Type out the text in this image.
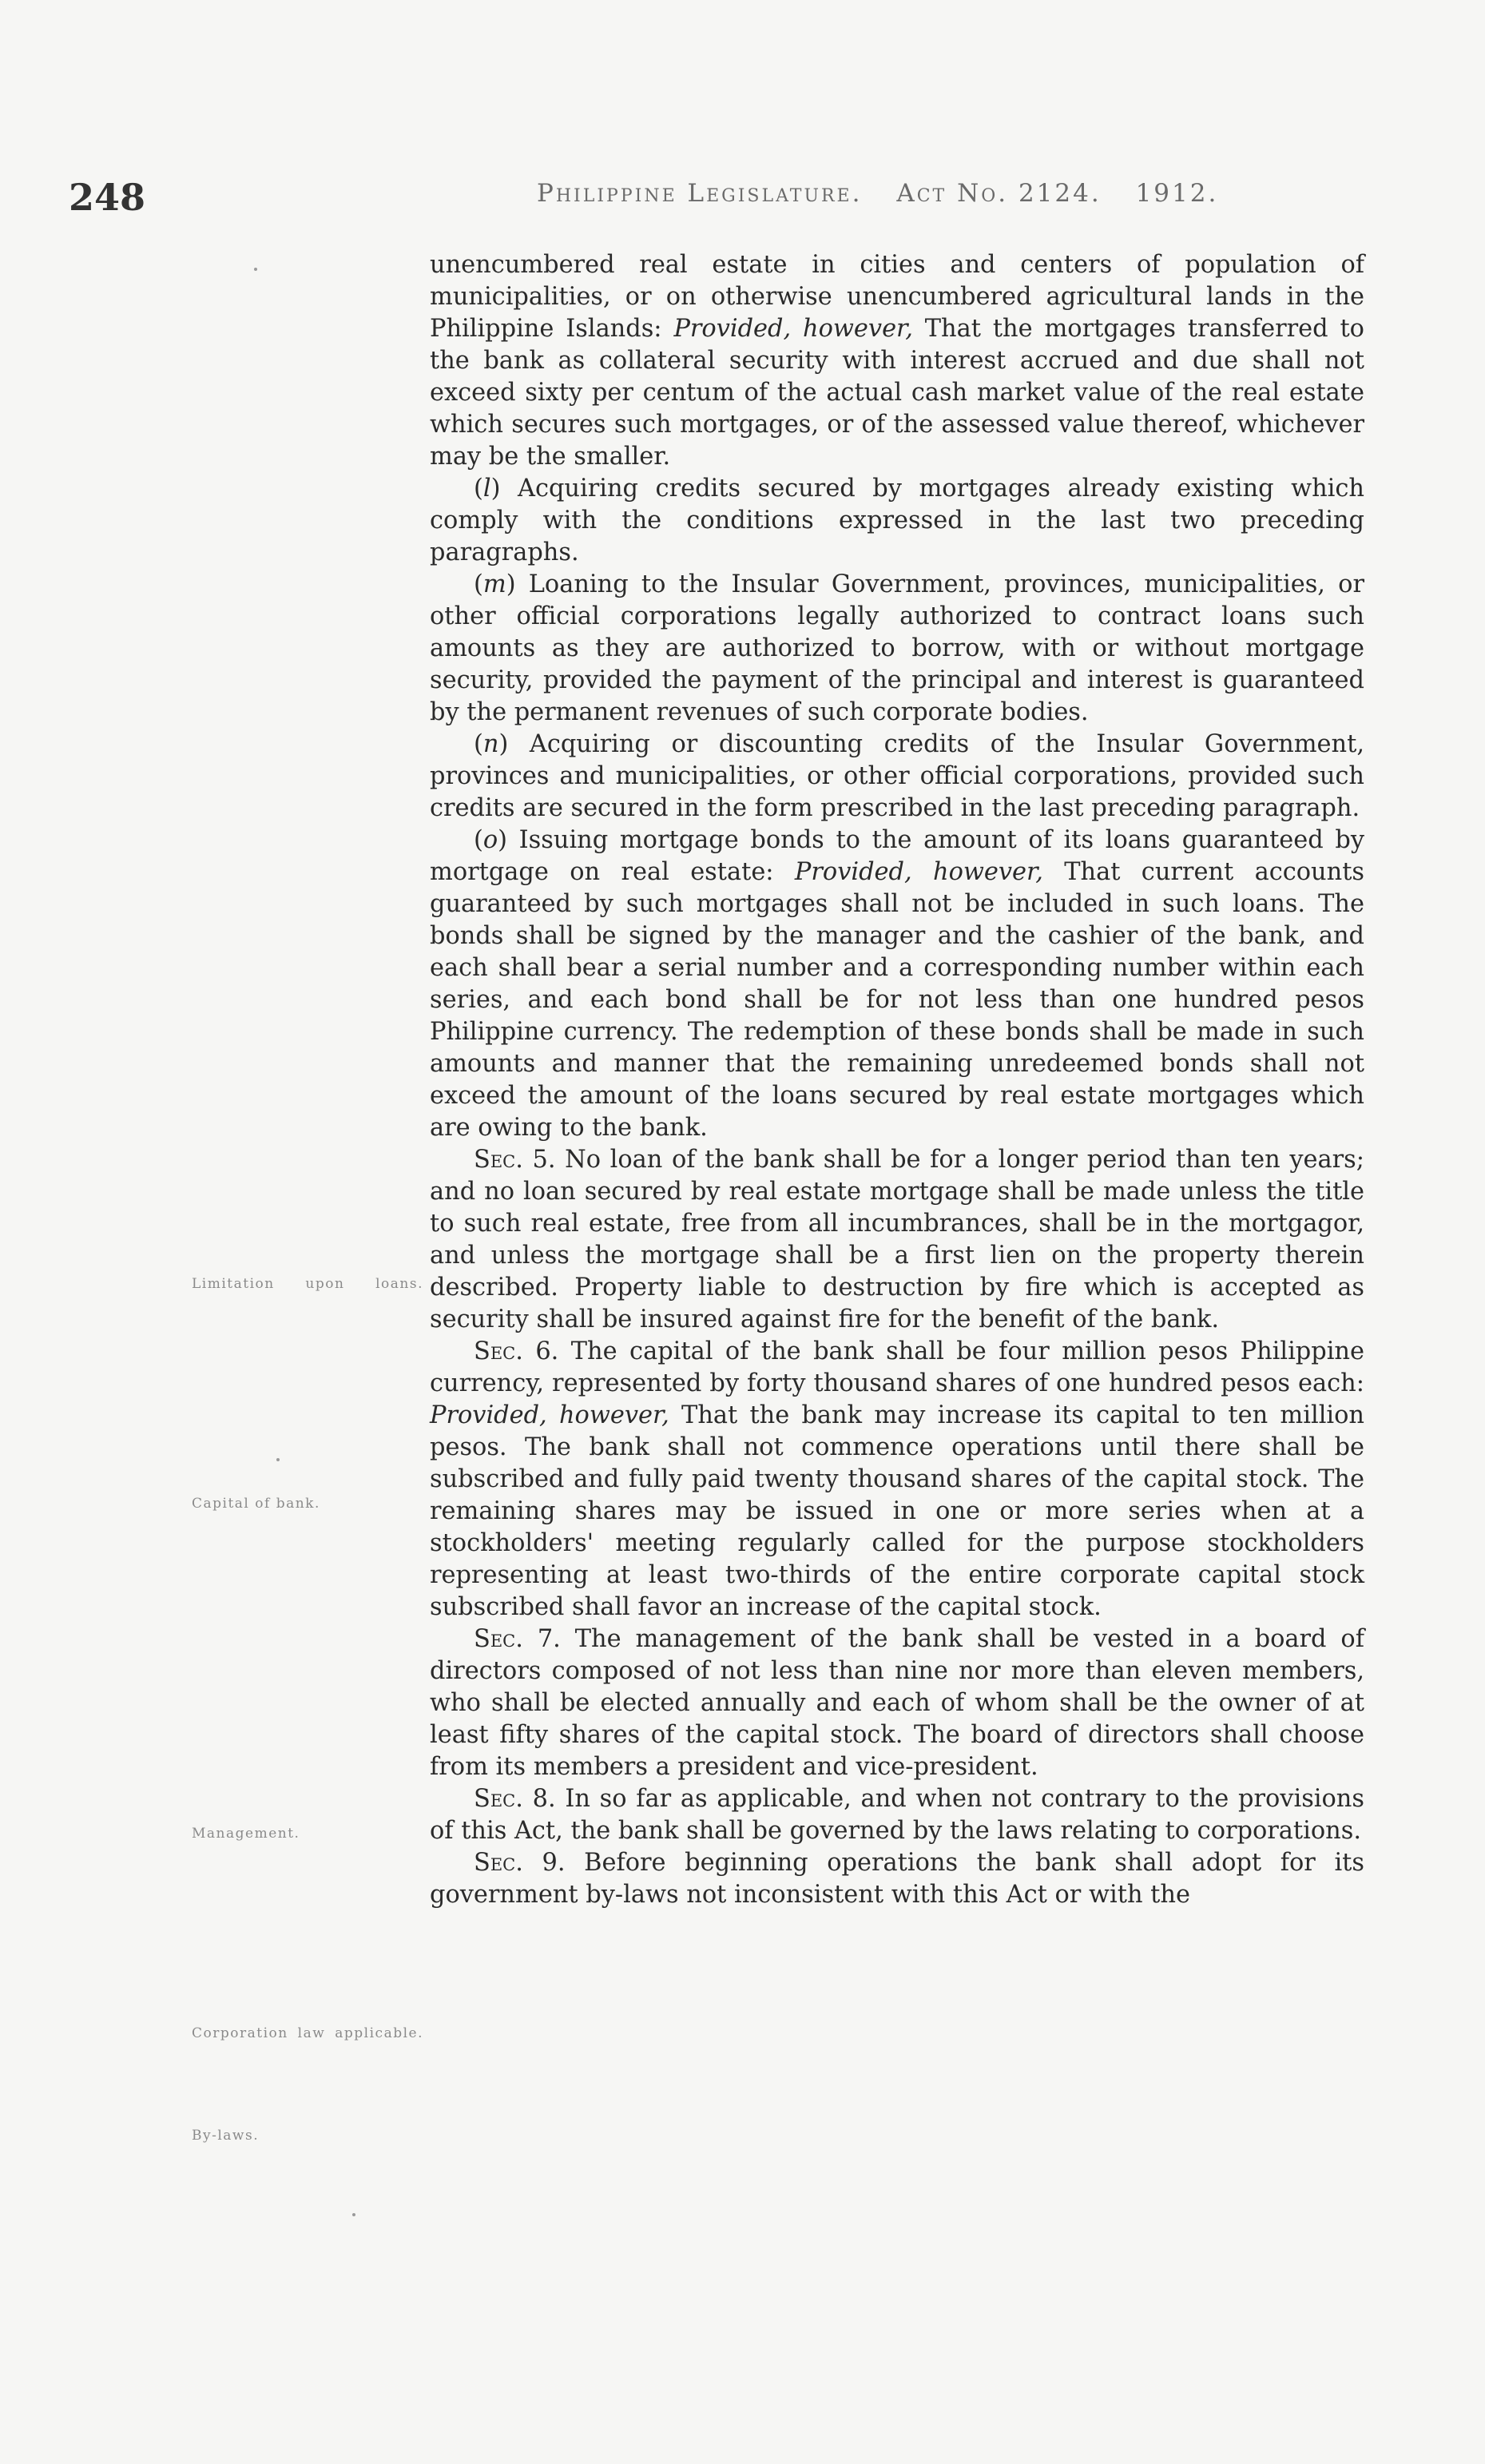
248	Philippine Legislature. Act No. 2124. 1912.

unencumbered real estate in cities and centers of population of municipalities, or on otherwise unencumbered agricultural lands in the Philippine Islands: Provided, however, That the mortgages transferred to the bank as collateral security with interest accrued and due shall not exceed sixty per centum of the actual cash market value of the real estate which secures such mortgages, or of the assessed value thereof, whichever may be the smaller.

(l) Acquiring credits secured by mortgages already existing which comply with the conditions expressed in the last two preceding paragraphs.

(m) Loaning to the Insular Government, provinces, municipalities, or other official corporations legally authorized to contract loans such amounts as they are authorized to borrow, with or without mortgage security, provided the payment of the principal and interest is guaranteed by the permanent revenues of such corporate bodies.

(n) Acquiring or discounting credits of the Insular Government, provinces and municipalities, or other official corporations, provided such credits are secured in the form prescribed in the last preceding paragraph.

(o) Issuing mortgage bonds to the amount of its loans guaranteed by mortgage on real estate: Provided, however, That current accounts guaranteed by such mortgages shall not be included in such loans. The bonds shall be signed by the manager and the cashier of the bank, and each shall bear a serial number and a corresponding number within each series, and each bond shall be for not less than one hundred pesos Philippine currency. The redemption of these bonds shall be made in such amounts and manner that the remaining unredeemed bonds shall not exceed the amount of the loans secured by real estate mortgages which are owing to the bank.

Sec. 5. No loan of the bank shall be for a longer period than ten years; and no loan secured by real estate mortgage shall be made unless the title to such real estate, free from all incumbrances, shall be in the mortgagor, and unless the mortgage shall be a first lien on the property therein described. Property liable to destruction by fire which is accepted as security shall be insured against fire for the benefit of the bank.

Sec. 6. The capital of the bank shall be four million pesos Philippine currency, represented by forty thousand shares of one hundred pesos each: Provided, however, That the bank may increase its capital to ten million pesos. The bank shall not commence operations until there shall be subscribed and fully paid twenty thousand shares of the capital stock. The remaining shares may be issued in one or more series when at a stockholders' meeting regularly called for the purpose stockholders representing at least two-thirds of the entire corporate capital stock subscribed shall favor an increase of the capital stock.

Sec. 7. The management of the bank shall be vested in a board of directors composed of not less than nine nor more than eleven members, who shall be elected annually and each of whom shall be the owner of at least fifty shares of the capital stock. The board of directors shall choose from its members a president and vice-president.

Sec. 8. In so far as applicable, and when not contrary to the provisions of this Act, the bank shall be governed by the laws relating to corporations.

Sec. 9. Before beginning operations the bank shall adopt for its government by-laws not inconsistent with this Act or with the

Limitation upon loans.
Capital of bank.
Management.
Corporation law applicable.
By-laws.
